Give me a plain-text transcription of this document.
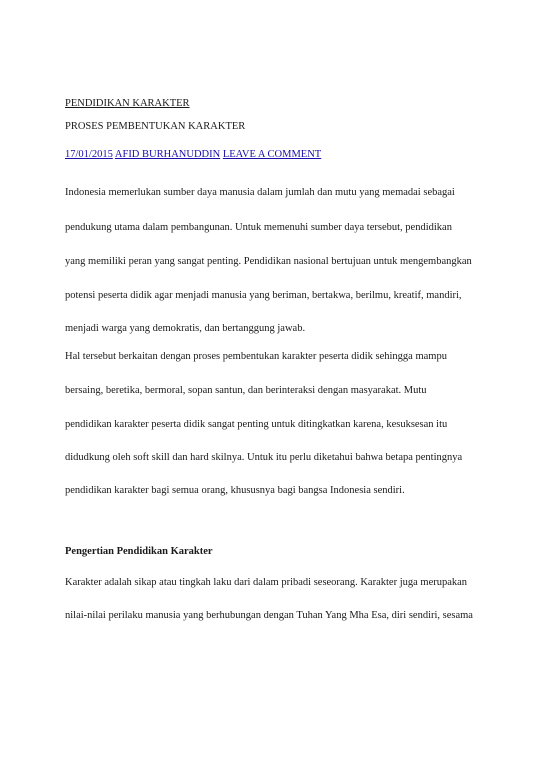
PENDIDIKAN KARAKTER
PROSES PEMBENTUKAN KARAKTER
17/01/2015 AFID BURHANUDDIN LEAVE A COMMENT
Indonesia memerlukan sumber daya manusia dalam jumlah dan mutu yang memadai sebagai
pendukung utama dalam pembangunan. Untuk memenuhi sumber daya tersebut, pendidikan
yang memiliki peran yang sangat penting. Pendidikan nasional bertujuan untuk mengembangkan
potensi peserta didik agar menjadi manusia yang beriman, bertakwa, berilmu, kreatif, mandiri,
menjadi warga yang demokratis, dan bertanggung jawab.
Hal tersebut berkaitan dengan proses pembentukan karakter peserta didik sehingga mampu
bersaing, beretika, bermoral, sopan santun, dan berinteraksi dengan masyarakat. Mutu
pendidikan karakter peserta didik sangat penting untuk ditingkatkan karena, kesuksesan itu
didudkung oleh soft skill dan hard skilnya. Untuk itu perlu diketahui bahwa betapa pentingnya
pendidikan karakter bagi semua orang, khususnya bagi bangsa Indonesia sendiri.
Pengertian Pendidikan Karakter
Karakter adalah sikap atau tingkah laku dari dalam pribadi seseorang. Karakter juga merupakan
nilai-nilai perilaku manusia yang berhubungan dengan Tuhan Yang Mha Esa, diri sendiri, sesama
